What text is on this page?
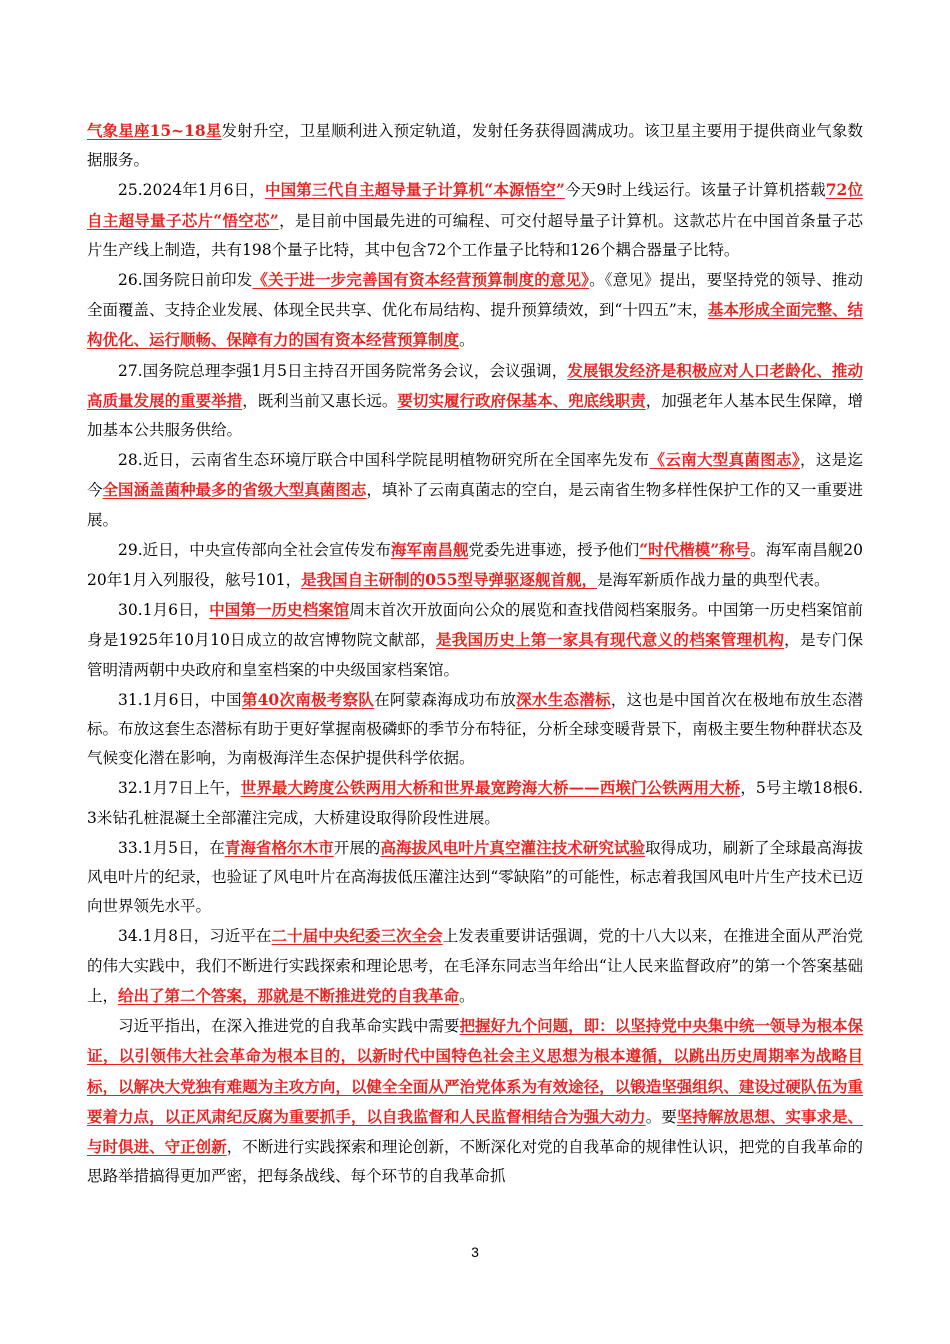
气象星座15~18星发射升空，卫星顺利进入预定轨道，发射任务获得圆满成功。该卫星主要用于提供商业气象数据服务。

25.2024年1月6日，中国第三代自主超导量子计算机“本源悟空”今天9时上线运行。该量子计算机搭载72位自主超导量子芯片“悟空芯”，是目前中国最先进的可编程、可交付超导量子计算机。这款芯片在中国首条量子芯片生产线上制造，共有198个量子比特，其中包含72个工作量子比特和126个耦合器量子比特。

26.国务院日前印发《关于进一步完善国有资本经营预算制度的意见》。《意见》提出，要坚持党的领导、推动全面覆盖、支持企业发展、体现全民共享、优化布局结构、提升预算绩效，到“十四五”末，基本形成全面完整、结构优化、运行顺畅、保障有力的国有资本经营预算制度。

27.国务院总理李强1月5日主持召开国务院常务会议，会议强调，发展银发经济是积极应对人口老龄化、推动高质量发展的重要举措，既利当前又惠长远。要切实履行政府保基本、兜底线职责，加强老年人基本民生保障，增加基本公共服务供给。

28.近日，云南省生态环境厅联合中国科学院昆明植物研究所在全国率先发布《云南大型真菌图志》，这是迄今全国涵盖菌种最多的省级大型真菌图志，填补了云南真菌志的空白，是云南省生物多样性保护工作的又一重要进展。

29.近日，中央宣传部向全社会宣传发布海军南昌舰党委先进事迹，授予他们“时代楷模”称号。海军南昌舰2020年1月入列服役，舷号101，是我国自主研制的055型导弹驱逐舰首舰，是海军新质作战力量的典型代表。

30.1月6日，中国第一历史档案馆周末首次开放面向公众的展览和查找借阅档案服务。中国第一历史档案馆前身是1925年10月10日成立的故宫博物院文献部，是我国历史上第一家具有现代意义的档案管理机构，是专门保管明清两朝中央政府和皇室档案的中央级国家档案馆。

31.1月6日，中国第40次南极考察队在阿蒙森海成功布放深水生态潜标，这也是中国首次在极地布放生态潜标。布放这套生态潜标有助于更好掌握南极磷虾的季节分布特征，分析全球变暖背景下，南极主要生物种群状态及气候变化潜在影响，为南极海洋生态保护提供科学依据。

32.1月7日上午，世界最大跨度公铁两用大桥和世界最宽跨海大桥——西堠门公铁两用大桥，5号主墩18根6.3米钻孔桩混凝土全部灌注完成，大桥建设取得阶段性进展。

33.1月5日，在青海省格尔木市开展的高海拔风电叶片真空灌注技术研究试验取得成功，刷新了全球最高海拔风电叶片的纪录，也验证了风电叶片在高海拔低压灌注达到“零缺陷”的可能性，标志着我国风电叶片生产技术已迈向世界领先水平。

34.1月8日，习近平在二十届中央纪委三次全会上发表重要讲话强调，党的十八大以来，在推进全面从严治党的伟大实践中，我们不断进行实践探索和理论思考，在毛泽东同志当年给出“让人民来监督政府”的第一个答案基础上，给出了第二个答案，那就是不断推进党的自我革命。

习近平指出，在深入推进党的自我革命实践中需要把握好九个问题，即：以坚持党中央集中统一领导为根本保证，以引领伟大社会革命为根本目的，以新时代中国特色社会主义思想为根本遵循，以跳出历史周期率为战略目标，以解决大党独有难题为主攻方向，以健全全面从严治党体系为有效途径，以锻造坚强组织、建设过硬队伍为重要着力点，以正风肃纪反腐为重要抓手，以自我监督和人民监督相结合为强大动力。要坚持解放思想、实事求是、与时俱进、守正创新，不断进行实践探索和理论创新，不断深化对党的自我革命的规律性认识，把党的自我革命的思路举措搞得更加严密，把每条战线、每个环节的自我革命抓

3
